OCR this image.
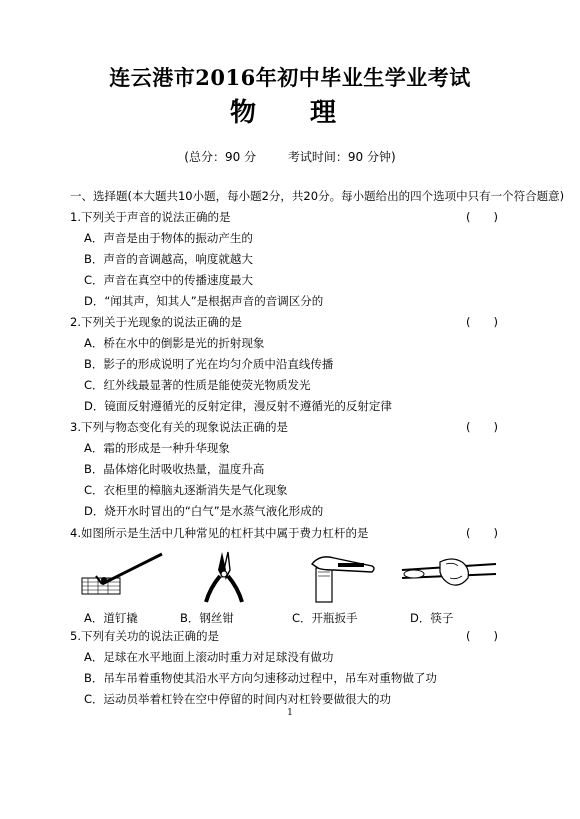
连云港市2016年初中毕业生学业考试
物　理
(总分：90 分	考试时间：90 分钟)
一、选择题(本大题共10小题，每小题2分，共20分。每小题给出的四个选项中只有一个符合题意)
1.下列关于声音的说法正确的是	(　　)
A．声音是由于物体的振动产生的
B．声音的音调越高，响度就越大
C．声音在真空中的传播速度最大
D．“闻其声，知其人”是根据声音的音调区分的
2.下列关于光现象的说法正确的是	(　　)
A．桥在水中的倒影是光的折射现象
B．影子的形成说明了光在均匀介质中沿直线传播
C．红外线最显著的性质是能使荧光物质发光
D．镜面反射遵循光的反射定律，漫反射不遵循光的反射定律
3.下列与物态变化有关的现象说法正确的是	(　　)
A．霜的形成是一种升华现象
B．晶体熔化时吸收热量，温度升高
C．衣柜里的樟脑丸逐渐消失是气化现象
D．烧开水时冒出的“白气”是水蒸气液化形成的
4.如图所示是生活中几种常见的杠杆其中属于费力杠杆的是	(　　)
A．道钉撬	B．钢丝钳	C．开瓶扳手	D．筷子
5.下列有关功的说法正确的是	(　　)
A．足球在水平地面上滚动时重力对足球没有做功
B．吊车吊着重物使其沿水平方向匀速移动过程中，吊车对重物做了功
C．运动员举着杠铃在空中停留的时间内对杠铃要做很大的功
1
